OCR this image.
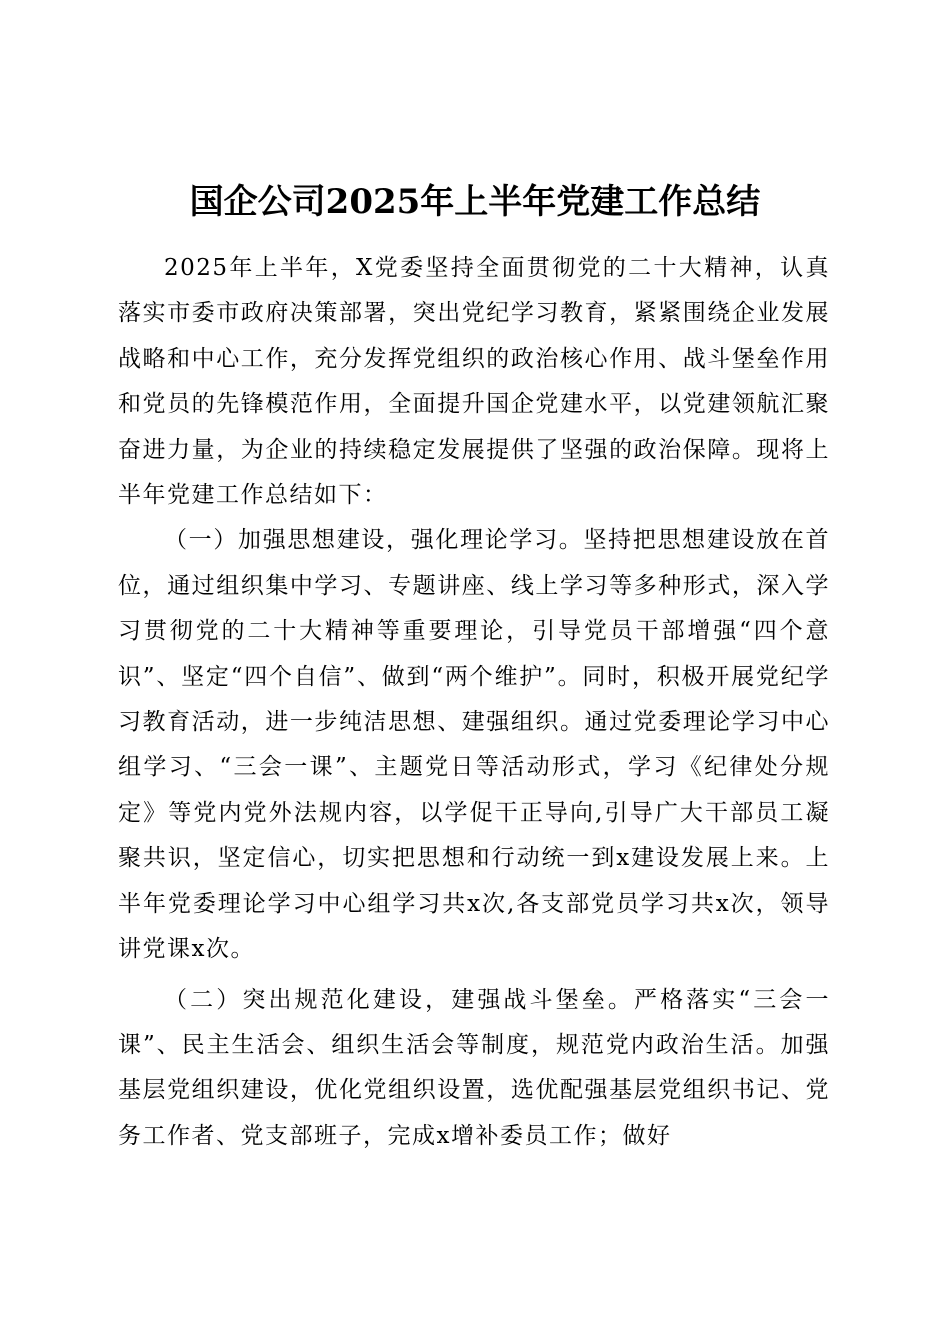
国企公司2025年上半年党建工作总结

2025年上半年，X党委坚持全面贯彻党的二十大精神，认真落实市委市政府决策部署，突出党纪学习教育，紧紧围绕企业发展战略和中心工作，充分发挥党组织的政治核心作用、战斗堡垒作用和党员的先锋模范作用，全面提升国企党建水平，以党建领航汇聚奋进力量，为企业的持续稳定发展提供了坚强的政治保障。现将上半年党建工作总结如下：

（一）加强思想建设，强化理论学习。坚持把思想建设放在首位，通过组织集中学习、专题讲座、线上学习等多种形式，深入学习贯彻党的二十大精神等重要理论，引导党员干部增强“四个意识”、坚定“四个自信”、做到“两个维护”。同时，积极开展党纪学习教育活动，进一步纯洁思想、建强组织。通过党委理论学习中心组学习、“三会一课”、主题党日等活动形式，学习《纪律处分规定》等党内党外法规内容，以学促干正导向,引导广大干部员工凝聚共识，坚定信心，切实把思想和行动统一到x建设发展上来。上半年党委理论学习中心组学习共x次,各支部党员学习共x次，领导讲党课x次。

（二）突出规范化建设，建强战斗堡垒。严格落实“三会一课”、民主生活会、组织生活会等制度，规范党内政治生活。加强基层党组织建设，优化党组织设置，选优配强基层党组织书记、党务工作者、党支部班子，完成x增补委员工作；做好
